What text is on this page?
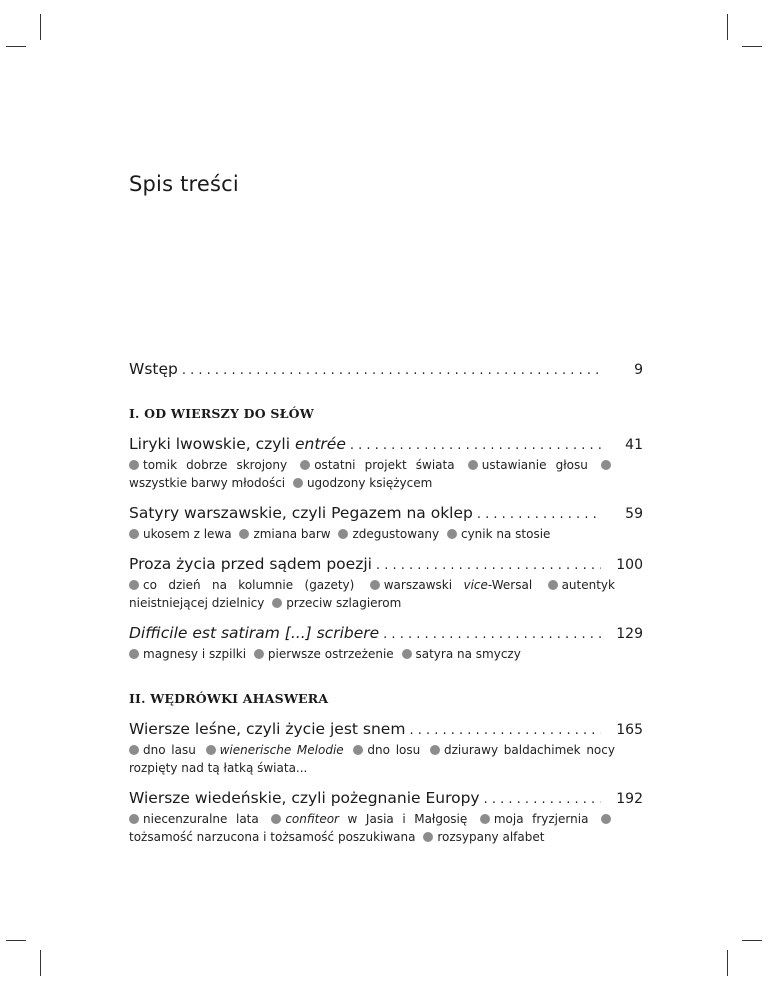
Spis treści
Wstęp . . .	9
I. OD WIERSZY DO SŁÓW
Liryki lwowskie, czyli entrée . . .	41
tomik dobrze skrojony ostatni projekt świata ustawianie głosu wszystkie barwy młodości ugodzony księżycem
Satyry warszawskie, czyli Pegazem na oklep . . .	59
ukosem z lewa zmiana barw zdegustowany cynik na stosie
Proza życia przed sądem poezji . . .	100
co dzień na kolumnie (gazety) warszawski vice-Wersal autentyk nieistniejącej dzielnicy przeciw szlagierom
Difficile est satiram [...] scribere . . .	129
magnesy i szpilki pierwsze ostrzeżenie satyra na smyczy
II. WĘDRÓWKI AHASWERA
Wiersze leśne, czyli życie jest snem . . .	165
dno lasu wienerische Melodie dno losu dziurawy baldachimek nocy rozpięty nad tą łatką świata...
Wiersze wiedeńskie, czyli pożegnanie Europy . . .	192
niecenzuralne lata confiteor w Jasia i Małgosię moja fryzjernia tożsamość narzucona i tożsamość poszukiwana rozsypany alfabet
